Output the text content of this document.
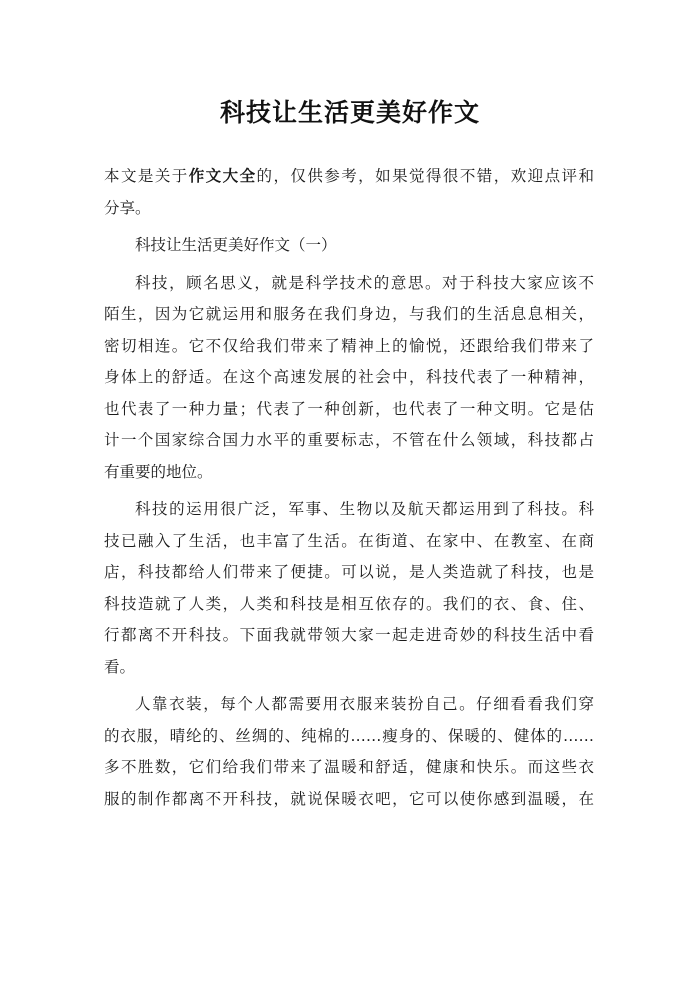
科技让生活更美好作文
本文是关于作文大全的，仅供参考，如果觉得很不错，欢迎点评和
分享。
科技让生活更美好作文（一）
科技，顾名思义，就是科学技术的意思。对于科技大家应该不
陌生，因为它就运用和服务在我们身边，与我们的生活息息相关，
密切相连。它不仅给我们带来了精神上的愉悦，还跟给我们带来了
身体上的舒适。在这个高速发展的社会中，科技代表了一种精神，
也代表了一种力量；代表了一种创新，也代表了一种文明。它是估
计一个国家综合国力水平的重要标志，不管在什么领域，科技都占
有重要的地位。
科技的运用很广泛，军事、生物以及航天都运用到了科技。科
技已融入了生活，也丰富了生活。在街道、在家中、在教室、在商
店，科技都给人们带来了便捷。可以说，是人类造就了科技，也是
科技造就了人类，人类和科技是相互依存的。我们的衣、食、住、
行都离不开科技。下面我就带领大家一起走进奇妙的科技生活中看
看。
人靠衣装，每个人都需要用衣服来装扮自己。仔细看看我们穿
的衣服，晴纶的、丝绸的、纯棉的……瘦身的、保暖的、健体的……
多不胜数，它们给我们带来了温暖和舒适，健康和快乐。而这些衣
服的制作都离不开科技，就说保暖衣吧，它可以使你感到温暖，在
